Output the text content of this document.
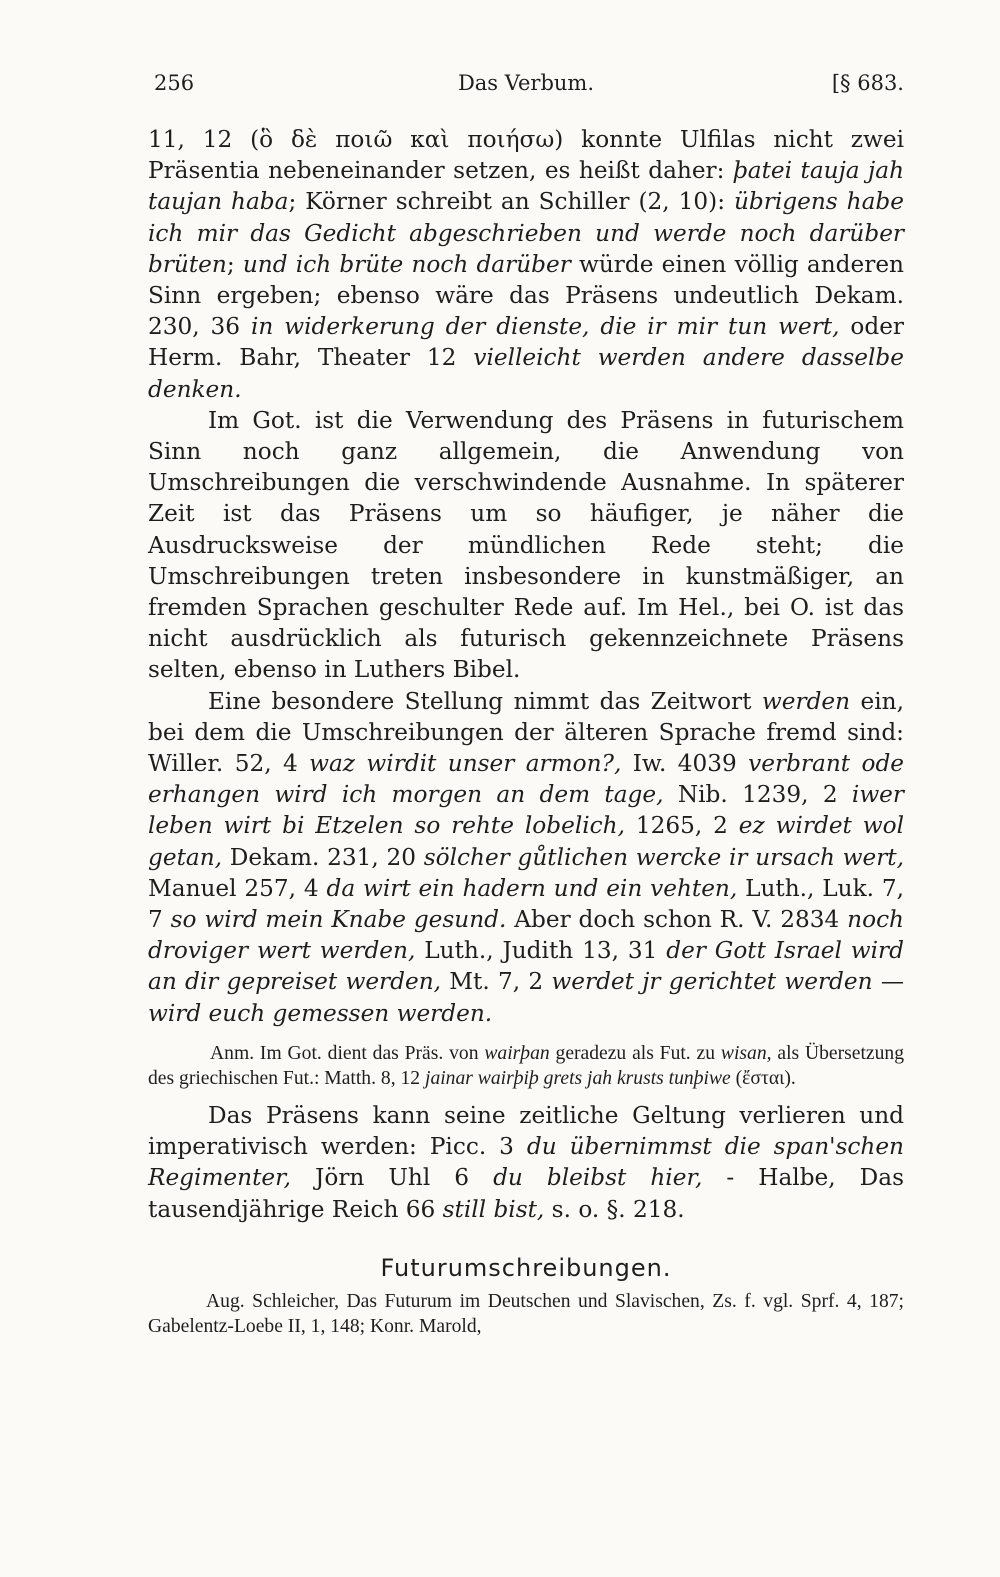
256	Das Verbum.	[§ 683.

11, 12 (ὃ δὲ ποιῶ καὶ ποιήσω) konnte Ulfilas nicht zwei Präsentia nebeneinander setzen, es heißt daher: þatei tauja jah taujan haba; Körner schreibt an Schiller (2, 10): übrigens habe ich mir das Gedicht abgeschrieben und werde noch darüber brüten; und ich brüte noch darüber würde einen völlig anderen Sinn ergeben; ebenso wäre das Präsens undeutlich Dekam. 230, 36 in widerkerung der dienste, die ir mir tun wert, oder Herm. Bahr, Theater 12 vielleicht werden andere dasselbe denken.

Im Got. ist die Verwendung des Präsens in futurischem Sinn noch ganz allgemein, die Anwendung von Umschreibungen die verschwindende Ausnahme. In späterer Zeit ist das Präsens um so häufiger, je näher die Ausdrucksweise der mündlichen Rede steht; die Umschreibungen treten insbesondere in kunstmäßiger, an fremden Sprachen geschulter Rede auf. Im Hel., bei O. ist das nicht ausdrücklich als futurisch gekennzeichnete Präsens selten, ebenso in Luthers Bibel.

Eine besondere Stellung nimmt das Zeitwort werden ein, bei dem die Umschreibungen der älteren Sprache fremd sind: Willer. 52, 4 waz wirdit unser armon?, Iw. 4039 verbrant ode erhangen wird ich morgen an dem tage, Nib. 1239, 2 iwer leben wirt bi Etzelen so rehte lobelich, 1265, 2 ez wirdet wol getan, Dekam. 231, 20 sölcher gůtlichen wercke ir ursach wert, Manuel 257, 4 da wirt ein hadern und ein vehten, Luth., Luk. 7, 7 so wird mein Knabe gesund. Aber doch schon R. V. 2834 noch droviger wert werden, Luth., Judith 13, 31 der Gott Israel wird an dir gepreiset werden, Mt. 7, 2 werdet jr gerichtet werden — wird euch gemessen werden.

Anm. Im Got. dient das Präs. von wairþan geradezu als Fut. zu wisan, als Übersetzung des griechischen Fut.: Matth. 8, 12 jainar wairþiþ grets jah krusts tunþiwe (ἔσται).

Das Präsens kann seine zeitliche Geltung verlieren und imperativisch werden: Picc. 3 du übernimmst die span'schen Regimenter, Jörn Uhl 6 du bleibst hier, - Halbe, Das tausendjährige Reich 66 still bist, s. o. §. 218.

Futurumschreibungen.

Aug. Schleicher, Das Futurum im Deutschen und Slavischen, Zs. f. vgl. Sprf. 4, 187; Gabelentz-Loebe II, 1, 148; Konr. Marold,
